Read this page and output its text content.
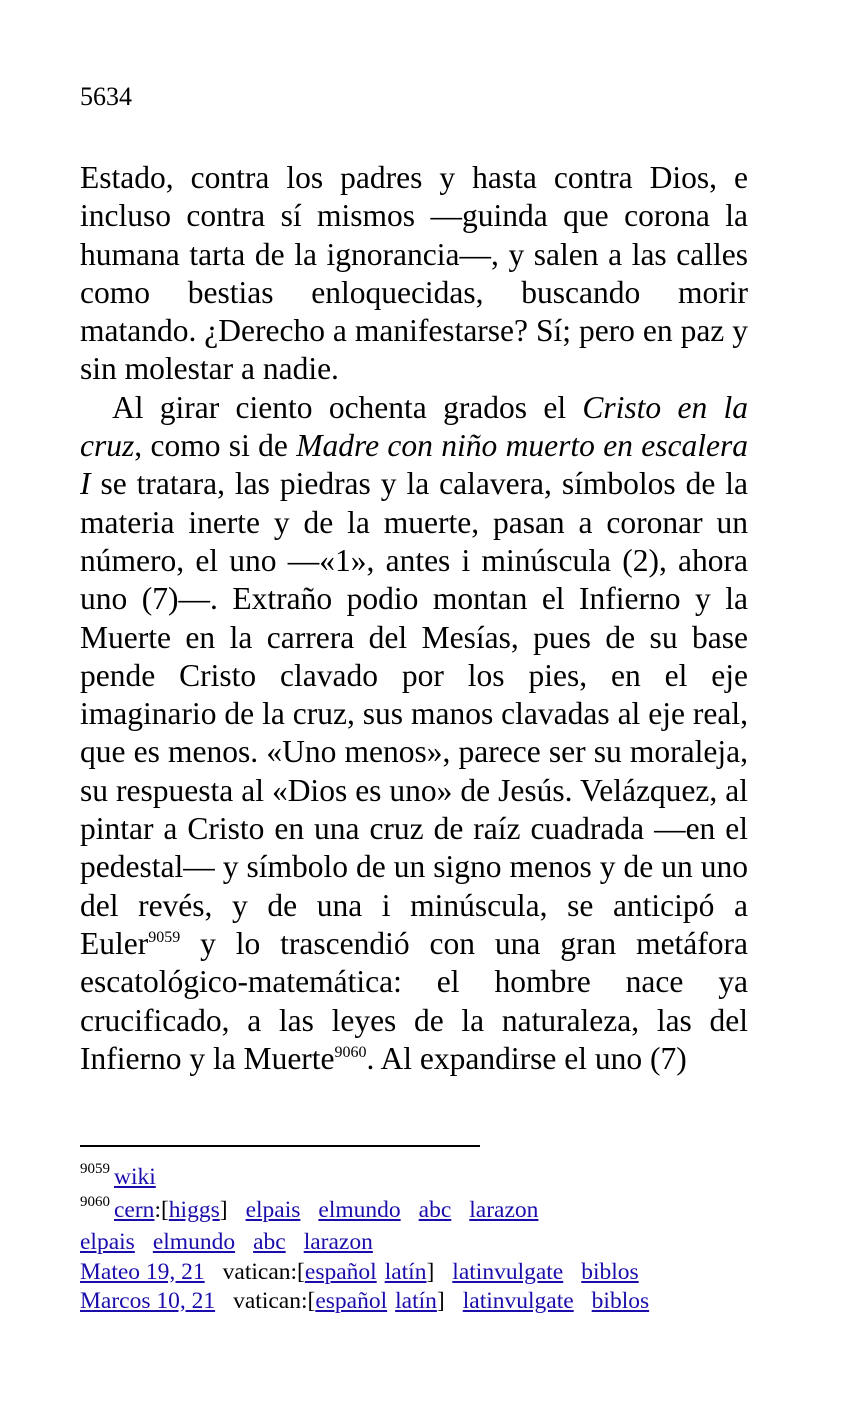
5634

Estado, contra los padres y hasta contra Dios, e incluso contra sí mismos —guinda que corona la humana tarta de la ignorancia—, y salen a las calles como bestias enloquecidas, buscando morir matando. ¿Derecho a manifestarse? Sí; pero en paz y sin molestar a nadie.

Al girar ciento ochenta grados el Cristo en la cruz, como si de Madre con niño muerto en escalera I se tratara, las piedras y la calavera, símbolos de la materia inerte y de la muerte, pasan a coronar un número, el uno —«1», antes i minúscula (2), ahora uno (7)—. Extraño podio montan el Infierno y la Muerte en la carrera del Mesías, pues de su base pende Cristo clavado por los pies, en el eje imaginario de la cruz, sus manos clavadas al eje real, que es menos. «Uno menos», parece ser su moraleja, su respuesta al «Dios es uno» de Jesús. Velázquez, al pintar a Cristo en una cruz de raíz cuadrada —en el pedestal— y símbolo de un signo menos y de un uno del revés, y de una i minúscula, se anticipó a Euler$^{9059}$ y lo trascendió con una gran metáfora escatológico-matemática: el hombre nace ya crucificado, a las leyes de la naturaleza, las del Infierno y la Muerte$^{9060}$. Al expandirse el uno (7)

$^{9059}$ wiki
$^{9060}$ cern:[higgs] elpais elmundo abc larazon
elpais elmundo abc larazon
Mateo 19, 21 vatican:[español latín] latinvulgate biblos
Marcos 10, 21 vatican:[español latín] latinvulgate biblos
